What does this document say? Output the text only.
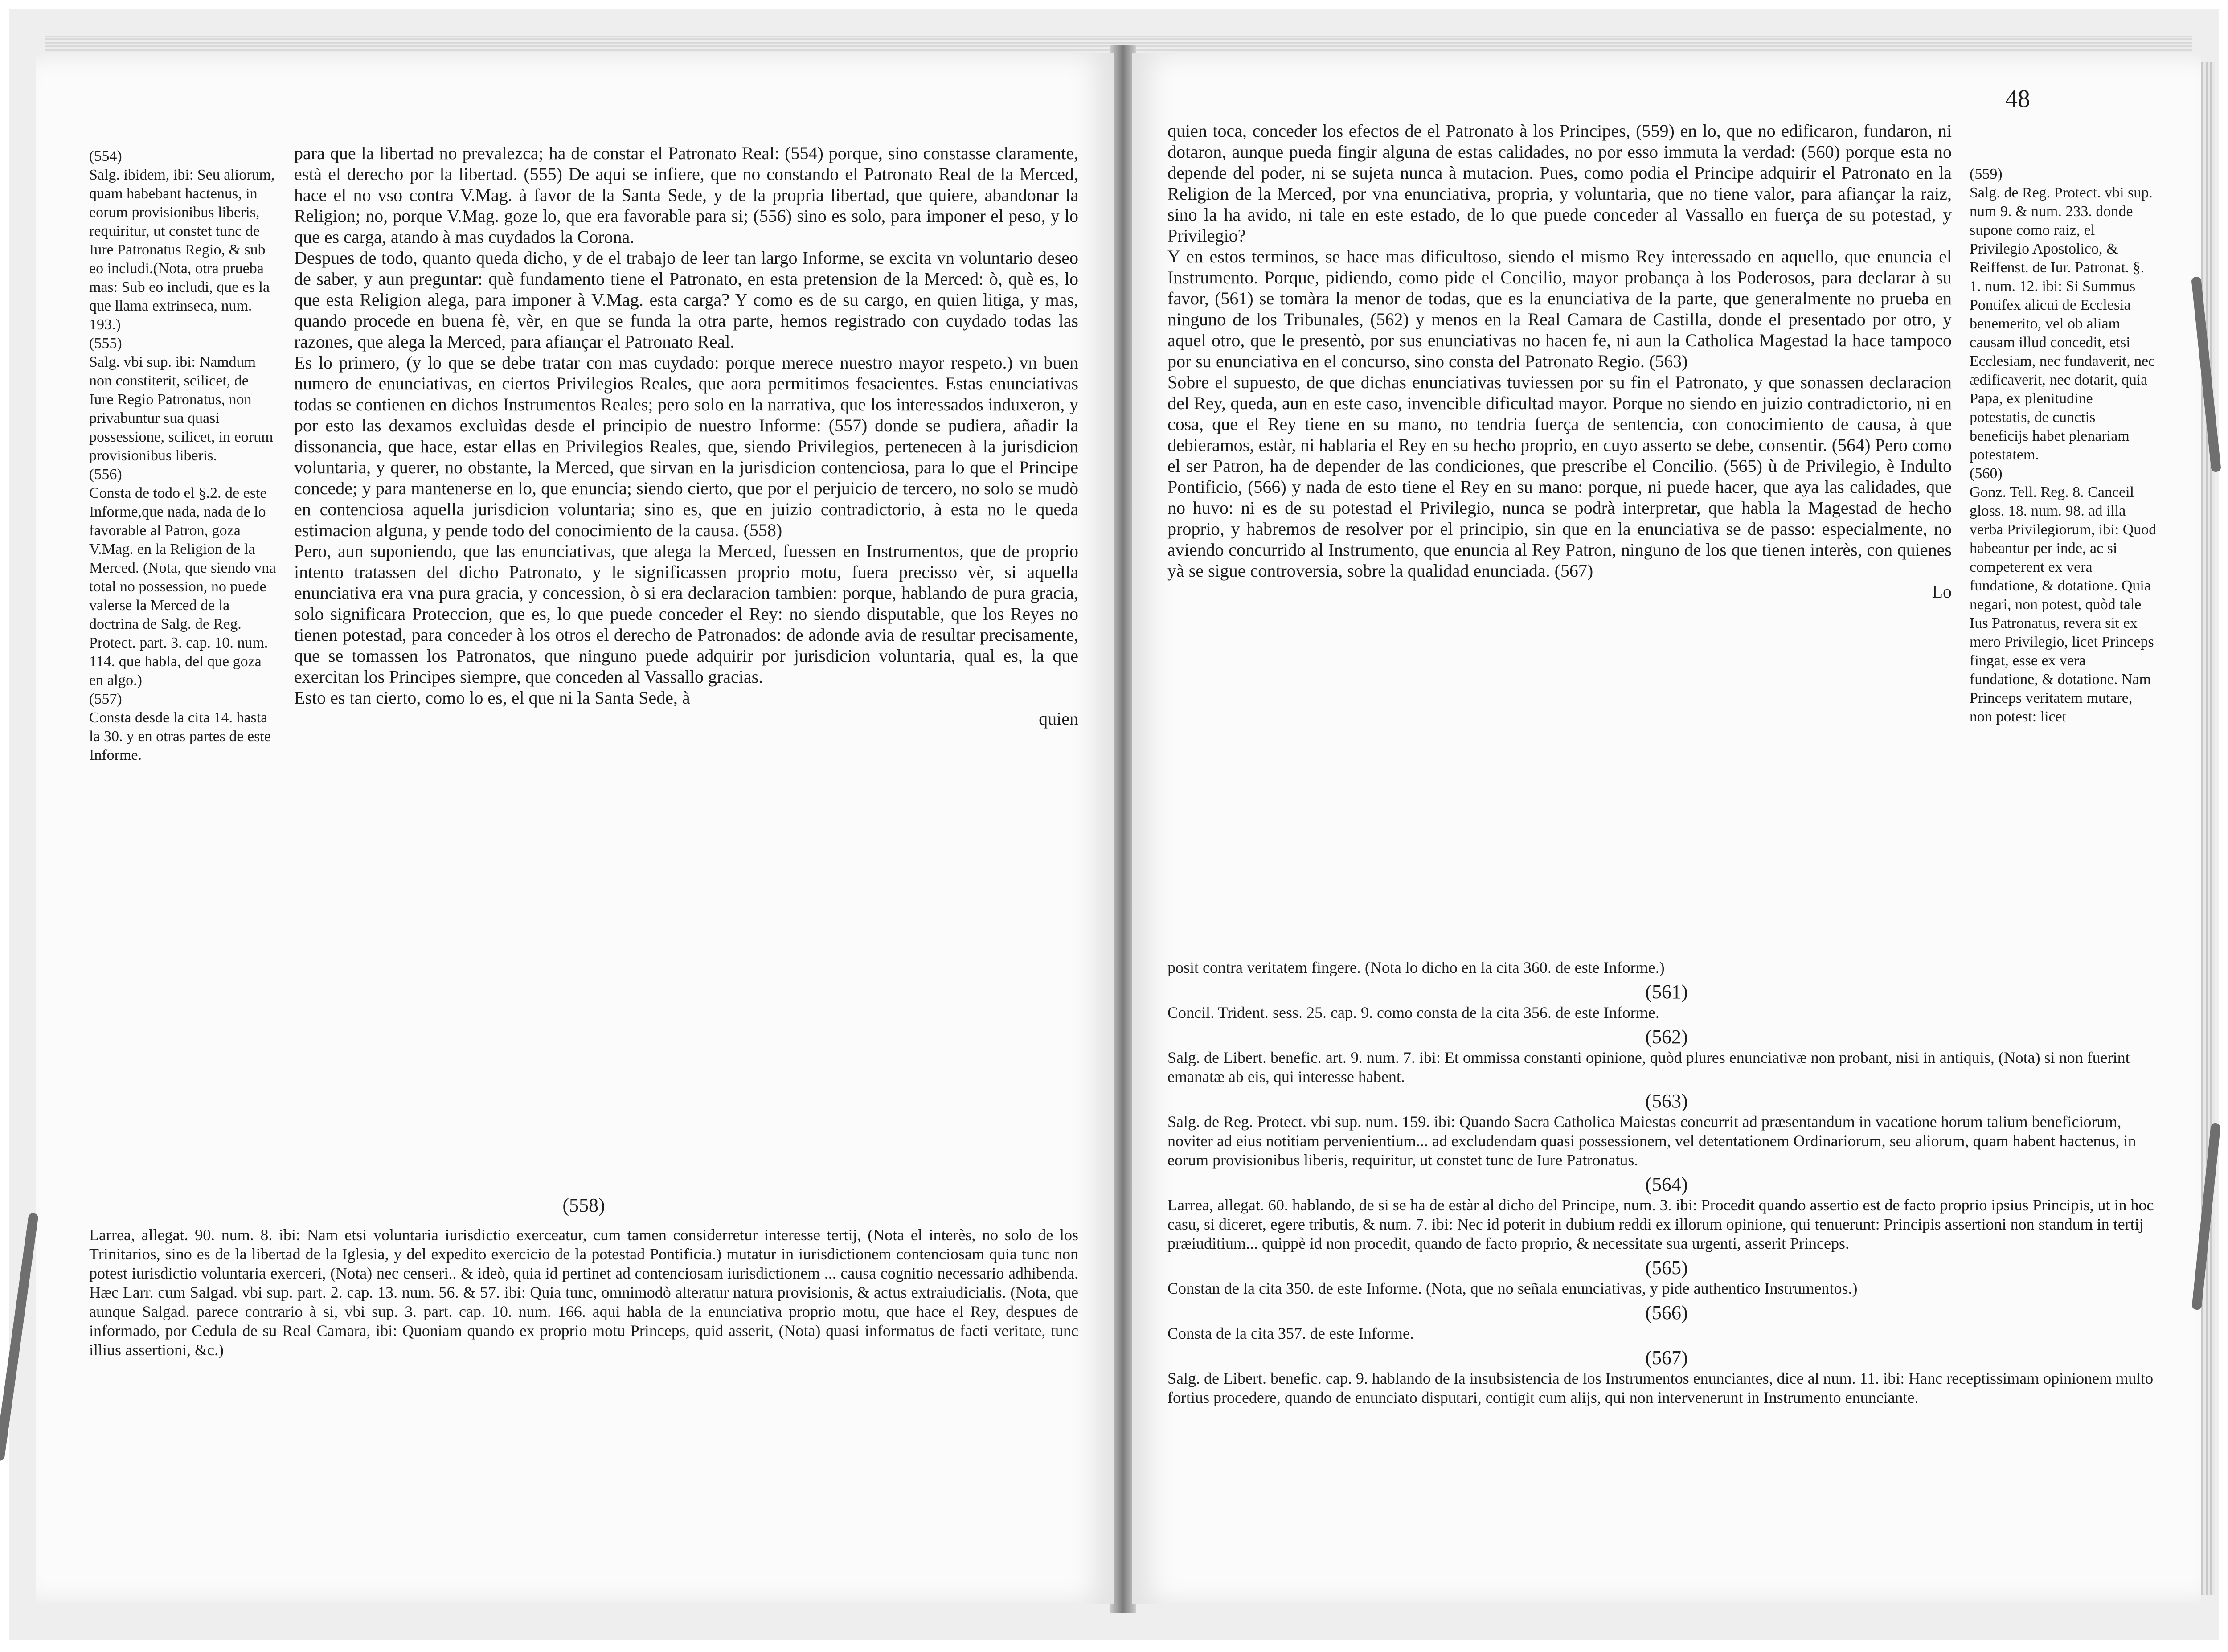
(554)
Salg. ibidem, ibi: Seu aliorum, quam habebant hactenus, in eorum provisionibus liberis, requiritur, ut constet tunc de Iure Patronatus Regio, & sub eo includi.(Nota, otra prueba mas: Sub eo includi, que es la que llama extrinseca, num. 193.)
(555)
Salg. vbi sup. ibi: Namdum non constiterit, scilicet, de Iure Regio Patronatus, non privabuntur sua quasi possessione, scilicet, in eorum provisionibus liberis.
(556)
Consta de todo el §.2. de este Informe,que nada, nada de lo favorable al Patron, goza V.Mag. en la Religion de la Merced. (Nota, que siendo vna total no possession, no puede valerse la Merced de la doctrina de Salg. de Reg. Protect. part. 3. cap. 10. num. 114. que habla, del que goza en algo.)
(557)
Consta desde la cita 14. hasta la 30. y en otras partes de este Informe.

para que la libertad no prevalezca; ha de constar el Patronato Real: (554) porque, sino constasse claramente, està el derecho por la libertad. (555) De aqui se infiere, que no constando el Patronato Real de la Merced, hace el no vso contra V.Mag. à favor de la Santa Sede, y de la propria libertad, que quiere, abandonar la Religion; no, porque V.Mag. goze lo, que era favorable para si; (556) sino es solo, para imponer el peso, y lo que es carga, atando à mas cuydados la Corona.
Despues de todo, quanto queda dicho, y de el trabajo de leer tan largo Informe, se excita vn voluntario deseo de saber, y aun preguntar: què fundamento tiene el Patronato, en esta pretension de la Merced: ò, què es, lo que esta Religion alega, para imponer à V.Mag. esta carga? Y como es de su cargo, en quien litiga, y mas, quando procede en buena fè, vèr, en que se funda la otra parte, hemos registrado con cuydado todas las razones, que alega la Merced, para afiançar el Patronato Real.
Es lo primero, (y lo que se debe tratar con mas cuydado: porque merece nuestro mayor respeto.) vn buen numero de enunciativas, en ciertos Privilegios Reales, que aora permitimos fesacientes. Estas enunciativas todas se contienen en dichos Instrumentos Reales; pero solo en la narrativa, que los interessados induxeron, y por esto las dexamos excluìdas desde el principio de nuestro Informe: (557) donde se pudiera, añadir la dissonancia, que hace, estar ellas en Privilegios Reales, que, siendo Privilegios, pertenecen à la jurisdicion voluntaria, y querer, no obstante, la Merced, que sirvan en la jurisdicion contenciosa, para lo que el Principe concede; y para mantenerse en lo, que enuncia; siendo cierto, que por el perjuicio de tercero, no solo se mudò en contenciosa aquella jurisdicion voluntaria; sino es, que en juizio contradictorio, à esta no le queda estimacion alguna, y pende todo del conocimiento de la causa. (558)
Pero, aun suponiendo, que las enunciativas, que alega la Merced, fuessen en Instrumentos, que de proprio intento tratassen del dicho Patronato, y le significassen proprio motu, fuera precisso vèr, si aquella enunciativa era vna pura gracia, y concession, ò si era declaracion tambien: porque, hablando de pura gracia, solo significara Proteccion, que es, lo que puede conceder el Rey: no siendo disputable, que los Reyes no tienen potestad, para conceder à los otros el derecho de Patronados: de adonde avia de resultar precisamente, que se tomassen los Patronatos, que ninguno puede adquirir por jurisdicion voluntaria, qual es, la que exercitan los Principes siempre, que conceden al Vassallo gracias.
Esto es tan cierto, como lo es, el que ni la Santa Sede, à

quien

(558)

Larrea, allegat. 90. num. 8. ibi: Nam etsi voluntaria iurisdictio exerceatur, cum tamen considerretur interesse tertij, (Nota el interès, no solo de los Trinitarios, sino es de la libertad de la Iglesia, y del expedito exercicio de la potestad Pontificia.) mutatur in iurisdictionem contenciosam quia tunc non potest iurisdictio voluntaria exerceri, (Nota) nec censeri.. & ideò, quia id pertinet ad contenciosam iurisdictionem ... causa cognitio necessario adhibenda. Hæc Larr. cum Salgad. vbi sup. part. 2. cap. 13. num. 56. & 57. ibi: Quia tunc, omnimodò alteratur natura provisionis, & actus extraiudicialis. (Nota, que aunque Salgad. parece contrario à si, vbi sup. 3. part. cap. 10. num. 166. aqui habla de la enunciativa proprio motu, que hace el Rey, despues de informado, por Cedula de su Real Camara, ibi: Quoniam quando ex proprio motu Princeps, quid asserit, (Nota) quasi informatus de facti veritate, tunc illius assertioni, &c.)

48

quien toca, conceder los efectos de el Patronato à los Principes, (559) en lo, que no edificaron, fundaron, ni dotaron, aunque pueda fingir alguna de estas calidades, no por esso immuta la verdad: (560) porque esta no depende del poder, ni se sujeta nunca à mutacion. Pues, como podia el Principe adquirir el Patronato en la Religion de la Merced, por vna enunciativa, propria, y voluntaria, que no tiene valor, para afiançar la raiz, sino la ha avido, ni tale en este estado, de lo que puede conceder al Vassallo en fuerça de su potestad, y Privilegio?
Y en estos terminos, se hace mas dificultoso, siendo el mismo Rey interessado en aquello, que enuncia el Instrumento. Porque, pidiendo, como pide el Concilio, mayor probança à los Poderosos, para declarar à su favor, (561) se tomàra la menor de todas, que es la enunciativa de la parte, que generalmente no prueba en ninguno de los Tribunales, (562) y menos en la Real Camara de Castilla, donde el presentado por otro, y aquel otro, que le presentò, por sus enunciativas no hacen fe, ni aun la Catholica Magestad la hace tampoco por su enunciativa en el concurso, sino consta del Patronato Regio. (563)
Sobre el supuesto, de que dichas enunciativas tuviessen por su fin el Patronato, y que sonassen declaracion del Rey, queda, aun en este caso, invencible dificultad mayor. Porque no siendo en juizio contradictorio, ni en cosa, que el Rey tiene en su mano, no tendria fuerça de sentencia, con conocimiento de causa, à que debieramos, estàr, ni hablaria el Rey en su hecho proprio, en cuyo asserto se debe, consentir. (564) Pero como el ser Patron, ha de depender de las condiciones, que prescribe el Concilio. (565) ù de Privilegio, è Indulto Pontificio, (566) y nada de esto tiene el Rey en su mano: porque, ni puede hacer, que aya las calidades, que no huvo: ni es de su potestad el Privilegio, nunca se podrà interpretar, que habla la Magestad de hecho proprio, y habremos de resolver por el principio, sin que en la enunciativa se de passo: especialmente, no aviendo concurrido al Instrumento, que enuncia al Rey Patron, ninguno de los que tienen interès, con quienes yà se sigue controversia, sobre la qualidad enunciada. (567)

Lo

(559)
Salg. de Reg. Protect. vbi sup. num 9. & num. 233. donde supone como raiz, el Privilegio Apostolico, & Reiffenst. de Iur. Patronat. §. 1. num. 12. ibi: Si Summus Pontifex alicui de Ecclesia benemerito, vel ob aliam causam illud concedit, etsi Ecclesiam, nec fundaverit, nec ædificaverit, nec dotarit, quia Papa, ex plenitudine potestatis, de cunctis beneficijs habet plenariam potestatem.
(560)
Gonz. Tell. Reg. 8. Canceil gloss. 18. num. 98. ad illa verba Privilegiorum, ibi: Quod habeantur per inde, ac si competerent ex vera fundatione, & dotatione. Quia negari, non potest, quòd tale Ius Patronatus, revera sit ex mero Privilegio, licet Princeps fingat, esse ex vera fundatione, & dotatione. Nam Princeps veritatem mutare, non potest: licet

posit contra veritatem fingere. (Nota lo dicho en la cita 360. de este Informe.)

(561)

Concil. Trident. sess. 25. cap. 9. como consta de la cita 356. de este Informe.

(562)

Salg. de Libert. benefic. art. 9. num. 7. ibi: Et ommissa constanti opinione, quòd plures enunciativæ non probant, nisi in antiquis, (Nota) si non fuerint emanatæ ab eis, qui interesse habent.

(563)

Salg. de Reg. Protect. vbi sup. num. 159. ibi: Quando Sacra Catholica Maiestas concurrit ad præsentandum in vacatione horum talium beneficiorum, noviter ad eius notitiam pervenientium... ad excludendam quasi possessionem, vel detentationem Ordinariorum, seu aliorum, quam habent hactenus, in eorum provisionibus liberis, requiritur, ut constet tunc de Iure Patronatus.

(564)

Larrea, allegat. 60. hablando, de si se ha de estàr al dicho del Principe, num. 3. ibi: Procedit quando assertio est de facto proprio ipsius Principis, ut in hoc casu, si diceret, egere tributis, & num. 7. ibi: Nec id poterit in dubium reddi ex illorum opinione, qui tenuerunt: Principis assertioni non standum in tertij præiuditium... quippè id non procedit, quando de facto proprio, & necessitate sua urgenti, asserit Princeps.

(565)

Constan de la cita 350. de este Informe. (Nota, que no señala enunciativas, y pide authentico Instrumentos.)

(566)

Consta de la cita 357. de este Informe.

(567)

Salg. de Libert. benefic. cap. 9. hablando de la insubsistencia de los Instrumentos enunciantes, dice al num. 11. ibi: Hanc receptissimam opinionem multo fortius procedere, quando de enunciato disputari, contigit cum alijs, qui non intervenerunt in Instrumento enunciante.
